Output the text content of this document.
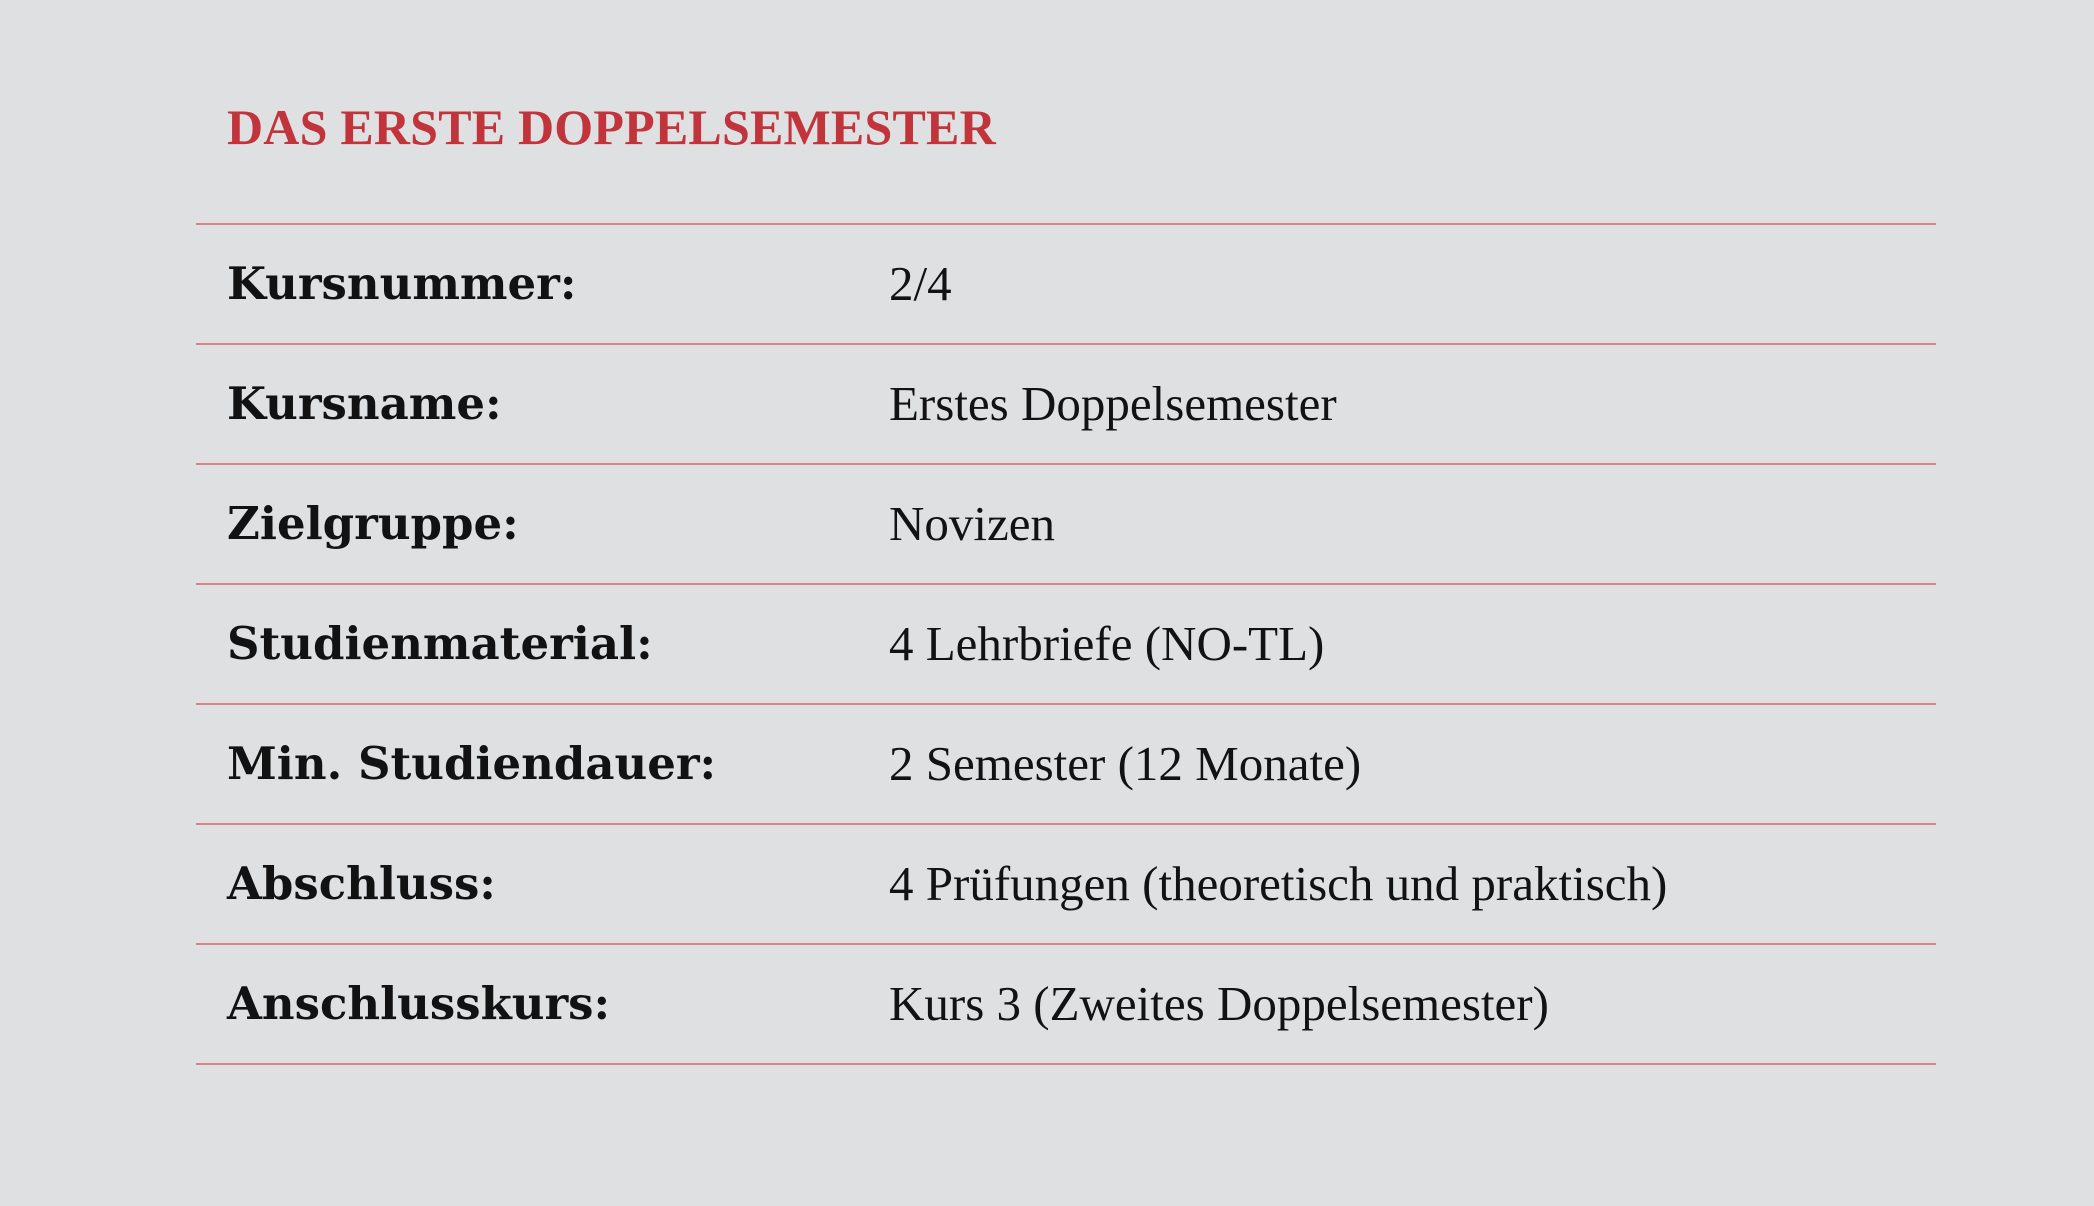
DAS ERSTE DOPPELSEMESTER
Kursnummer:	2/4
Kursname:	Erstes Doppelsemester
Zielgruppe:	Novizen
Studienmaterial:	4 Lehrbriefe (NO-TL)
Min. Studiendauer:	2 Semester (12 Monate)
Abschluss:	4 Prüfungen (theoretisch und praktisch)
Anschlusskurs:	Kurs 3 (Zweites Doppelsemester)
